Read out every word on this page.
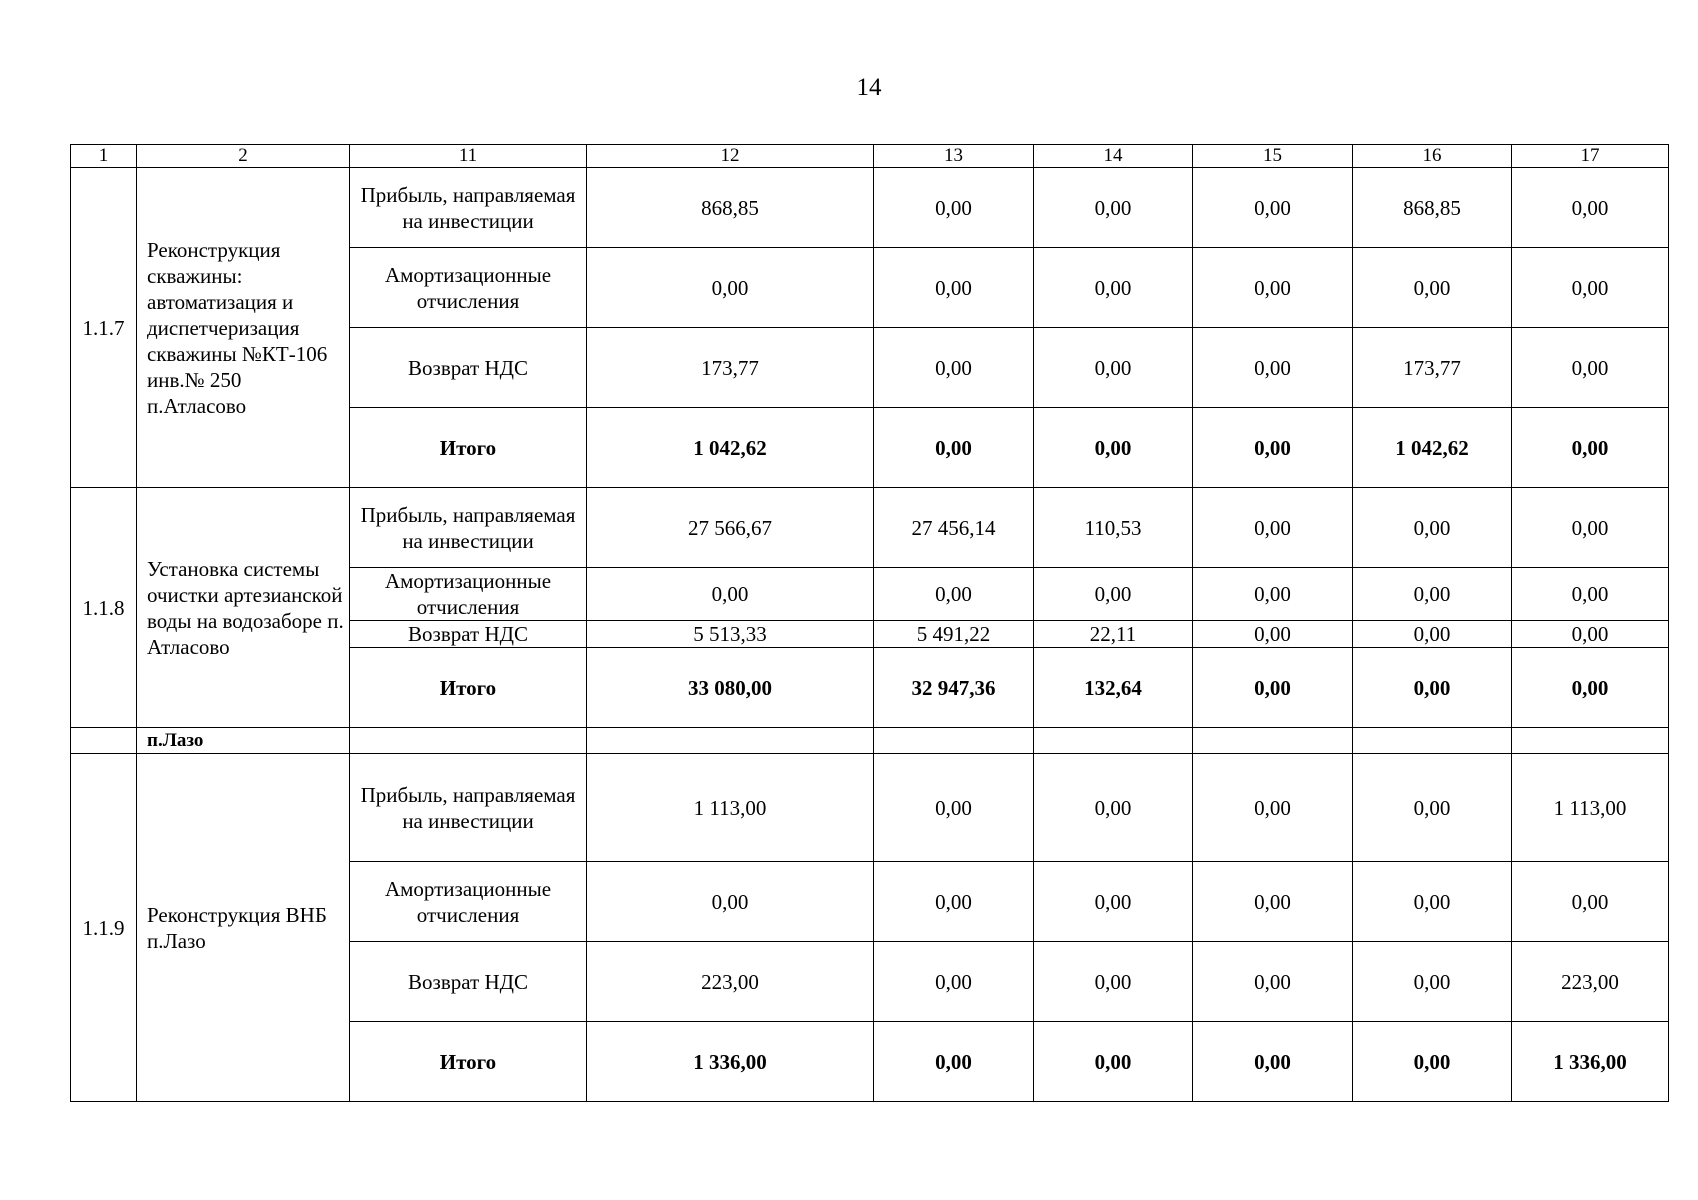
14
1	2	11	12	13	14	15	16	17
1.1.7	Реконструкция скважины: автоматизация и диспетчеризация скважины №КТ-106 инв.№ 250 п.Атласово	Прибыль, направляемая на инвестиции	868,85	0,00	0,00	0,00	868,85	0,00
		Амортизационные отчисления	0,00	0,00	0,00	0,00	0,00	0,00
		Возврат НДС	173,77	0,00	0,00	0,00	173,77	0,00
		Итого	1 042,62	0,00	0,00	0,00	1 042,62	0,00
1.1.8	Установка системы очистки артезианской воды на водозаборе п. Атласово	Прибыль, направляемая на инвестиции	27 566,67	27 456,14	110,53	0,00	0,00	0,00
		Амортизационные отчисления	0,00	0,00	0,00	0,00	0,00	0,00
		Возврат НДС	5 513,33	5 491,22	22,11	0,00	0,00	0,00
		Итого	33 080,00	32 947,36	132,64	0,00	0,00	0,00
	п.Лазо							
1.1.9	Реконструкция ВНБ п.Лазо	Прибыль, направляемая на инвестиции	1 113,00	0,00	0,00	0,00	0,00	1 113,00
		Амортизационные отчисления	0,00	0,00	0,00	0,00	0,00	0,00
		Возврат НДС	223,00	0,00	0,00	0,00	0,00	223,00
		Итого	1 336,00	0,00	0,00	0,00	0,00	1 336,00
